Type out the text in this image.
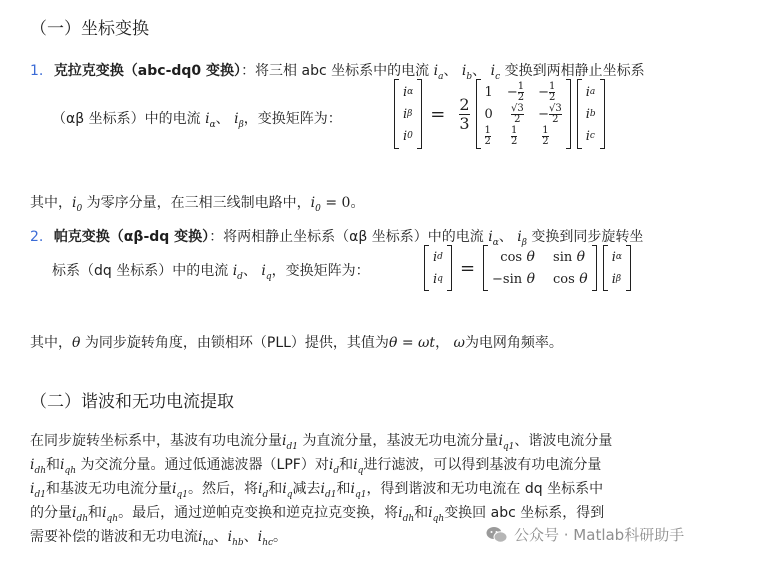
（一）坐标变换
1. 克拉克变换（abc-dq0 变换）：将三相 abc 坐标系中的电流 $i_a$、 $i_b$、 $i_c$ 变换到两相静止坐标系
（αβ 坐标系）中的电流 $i_\alpha$、 $i_\beta$，变换矩阵为：
i α
i β
i 0
= 2
3
1
0
$\frac{1}{2}$
− $\frac{1}{2}$

$\frac{√3}{2}$

$\frac{1}{2}$
− $\frac{1}{2}$
− $\frac{√3}{2}$

$\frac{1}{2}$
i a
i b
i c
其中，$i_0$ 为零序分量，在三相三线制电路中，$i_0 = 0$。
2. 帕克变换（αβ-dq 变换）：将两相静止坐标系（αβ 坐标系）中的电流 $i_\alpha$、 $i_\beta$ 变换到同步旋转坐
标系（dq 坐标系）中的电流 $i_d$、 $i_q$，变换矩阵为：
i d
i q
=
cos θ
−sin θ
sin θ
cos θ
i α
i β
其中，θ 为同步旋转角度，由锁相环（PLL）提供，其值为θ = ωt， ω为电网角频率。
（二）谐波和无功电流提取
在同步旋转坐标系中，基波有功电流分量$i_{d1}$ 为直流分量，基波无功电流分量$i_{q1}$、谐波电流分量
$i_{dh}$和$i_{qh}$ 为交流分量。通过低通滤波器（LPF）对$i_d$和$i_q$进行滤波，可以得到基波有功电流分量
$i_{d1}$和基波无功电流分量$i_{q1}$。然后，将$i_d$和$i_q$减去$i_{d1}$和$i_{q1}$，得到谐波和无功电流在 dq 坐标系中
的分量$i_{dh}$和$i_{qh}$。最后，通过逆帕克变换和逆克拉克变换，将$i_{dh}$和$i_{qh}$变换回 abc 坐标系，得到
需要补偿的谐波和无功电流$i_{ha}$、$i_{hb}$、$i_{hc}$。	公众号 · Matlab科研助手
